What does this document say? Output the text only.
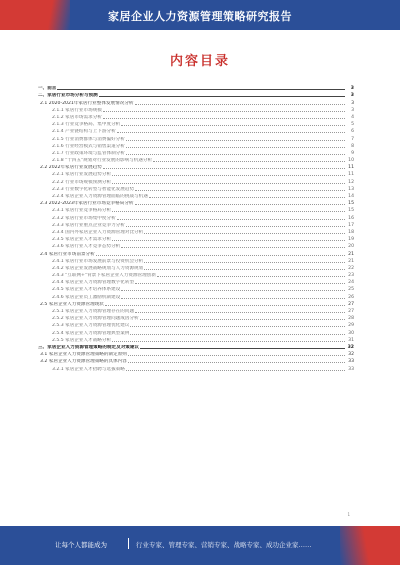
家居企业人力资源管理策略研究报告
内容目录
一、前言	3
二、家居行业市场分析与预测	3
2.1 2020-2021年家居行业整体发展情况分析	3
2.1.1 家居行业市场规模	3
2.1.2 家居市场需求分析	4
2.1.3 行业竞争格局、集中度分析	5
2.1.4 产业链结构与上下游分析	6
2.1.5 行业消费群体与消费偏好分析	7
2.1.6 行业经营模式与销售渠道分析	8
2.1.7 行业政策环境与监管体制分析	9
2.1.8 "十四五"规划对行业发展的影响与机遇分析	10
2.2 2022年家居行业发展趋势	11
2.2.1 家居行业发展趋势分析	11
2.2.2 行业市场规模预测分析	12
2.2.3 行业数字化转型与智能化发展趋势	13
2.2.4 家居企业人力资源管理面临的挑战与机遇	14
2.3 2022-2023年家居行业市场竞争格局分析	15
2.3.1 家居行业竞争格局分析	15
2.3.2 家居行业市场集中度分析	16
2.3.3 家居行业重点企业竞争力分析	17
2.3.4 国内外家居企业人力资源管理对比分析	18
2.3.5 家居企业人才需求分析	19
2.3.6 家居行业人才竞争态势分析	20
2.4 家居行业市场前景分析	21
2.4.1 家居行业市场发展前景与投资机会分析	21
2.4.2 家居企业发展战略规划与人力资源规划	22
2.4.3 "互联网+"背景下家居企业人力资源管理创新	23
2.4.4 家居企业人力资源管理数字化转型	24
2.4.5 家居企业人才培养体系建设	25
2.4.6 家居企业员工激励机制建设	26
2.5 家居企业人力资源管理现状	27
2.5.1 家居企业人力资源管理存在的问题	27
2.5.2 家居企业人力资源管理问题成因分析	28
2.5.3 家居企业人力资源管理优化建议	29
2.5.4 家居企业人力资源管理典型案例	30
2.5.5 家居企业人才战略分析	31
三、家居企业人力资源管理策略的制定及对策建议	32
3.1 家居企业人力资源管理策略的制定原则	32
3.2 家居企业人力资源管理策略的具体内容	33
3.2.1 家居企业人才招聘与选拔策略	33
1
让每个人都能成为	行业专家、管理专家、营销专家、战略专家、成功企业家……
